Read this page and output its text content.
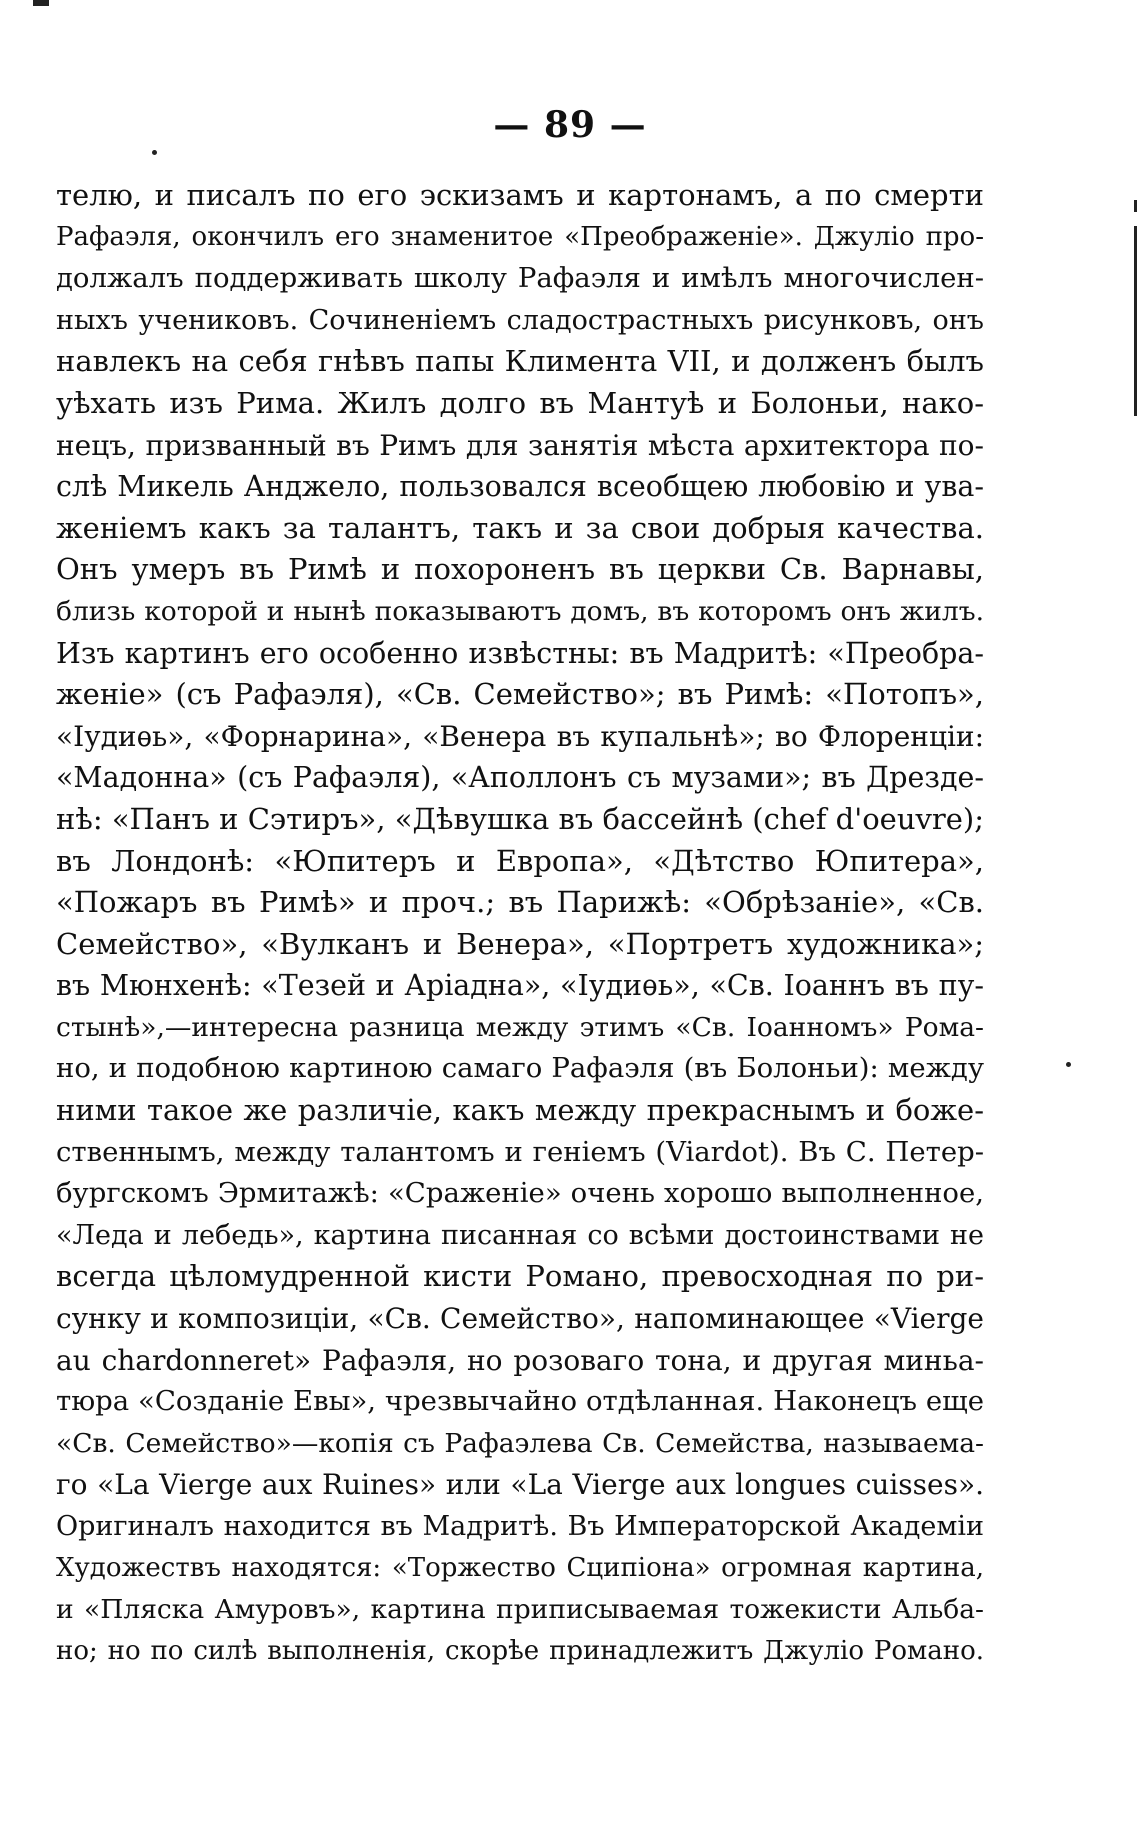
— 89 —
телю, и писалъ по его эскизамъ и картонамъ, а по смерти
Рафаэля, окончилъ его знаменитое «Преображеніе». Джуліо про-
должалъ поддерживать школу Рафаэля и имѣлъ многочислен-
ныхъ учениковъ. Сочиненіемъ сладострастныхъ рисунковъ, онъ
навлекъ на себя гнѣвъ папы Климента VII, и долженъ былъ
уѣхать изъ Рима. Жилъ долго въ Мантуѣ и Болоньи, нако-
нецъ, призванный въ Римъ для занятія мѣста архитектора по-
слѣ Микель Анджело, пользовался всеобщею любовію и ува-
женіемъ какъ за талантъ, такъ и за свои добрыя качества.
Онъ умеръ въ Римѣ и похороненъ въ церкви Св. Варнавы,
близь которой и нынѣ показываютъ домъ, въ которомъ онъ жилъ.
Изъ картинъ его особенно извѣстны: въ Мадритѣ: «Преобра-
женіе» (съ Рафаэля), «Св. Семейство»; въ Римѣ: «Потопъ»,
«Іудиѳь», «Форнарина», «Венера въ купальнѣ»; во Флоренціи:
«Мадонна» (съ Рафаэля), «Аполлонъ съ музами»; въ Дрезде-
нѣ: «Панъ и Сэтиръ», «Дѣвушка въ бассейнѣ (chef d'oeuvre);
въ Лондонѣ: «Юпитеръ и Европа», «Дѣтство Юпитера»,
«Пожаръ въ Римѣ» и проч.; въ Парижѣ: «Обрѣзаніе», «Св.
Семейство», «Вулканъ и Венера», «Портретъ художника»;
въ Мюнхенѣ: «Тезей и Аріадна», «Іудиѳь», «Св. Іоаннъ въ пу-
стынѣ»,—интересна разница между этимъ «Св. Іоанномъ» Рома-
но, и подобною картиною самаго Рафаэля (въ Болоньи): между
ними такое же различіе, какъ между прекраснымъ и боже-
ственнымъ, между талантомъ и геніемъ (Viardot). Въ С. Петер-
бургскомъ Эрмитажѣ: «Сраженіе» очень хорошо выполненное,
«Леда и лебедь», картина писанная со всѣми достоинствами не
всегда цѣломудренной кисти Романо, превосходная по ри-
сунку и композиціи, «Св. Семейство», напоминающее «Vierge
au chardonneret» Рафаэля, но розоваго тона, и другая миньа-
тюра «Созданіе Евы», чрезвычайно отдѣланная. Наконецъ еще
«Св. Семейство»—копія съ Рафаэлева Св. Семейства, называема-
го «La Vierge aux Ruines» или «La Vierge aux longues cuisses».
Оригиналъ находится въ Мадритѣ. Въ Императорской Академіи
Художествъ находятся: «Торжество Сципіона» огромная картина,
и «Пляска Амуровъ», картина приписываемая тожекисти Альба-
но; но по силѣ выполненія, скорѣе принадлежитъ Джуліо Романо.
